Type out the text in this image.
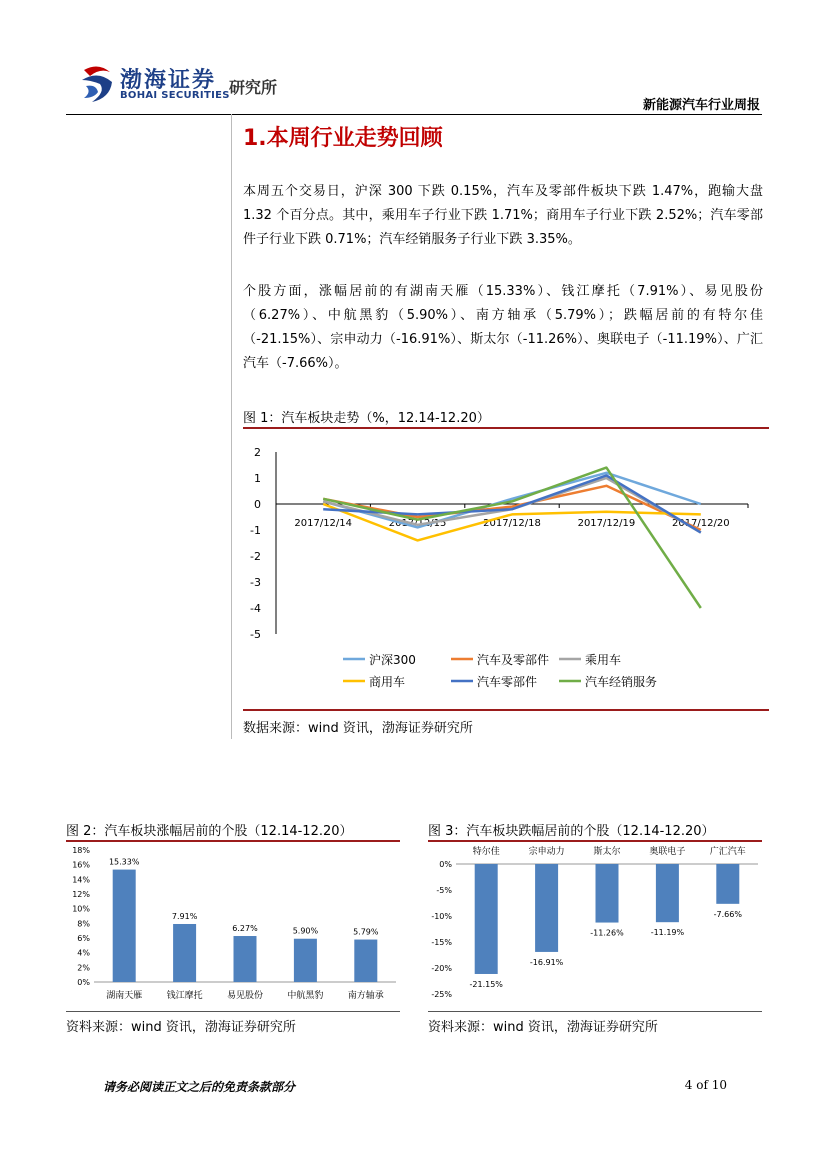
渤海证券
BOHAI SECURITIES 研究所
新能源汽车行业周报
1.本周行业走势回顾
本周五个交易日，沪深 300 下跌 0.15%，汽车及零部件板块下跌 1.47%，跑输大盘 1.32 个百分点。其中，乘用车子行业下跌 1.71%；商用车子行业下跌 2.52%；汽车零部件子行业下跌 0.71%；汽车经销服务子行业下跌 3.35%。
个股方面，涨幅居前的有湖南天雁（15.33%）、钱江摩托（7.91%）、易见股份（6.27%）、中航黑豹（5.90%）、南方轴承（5.79%）；跌幅居前的有特尔佳（-21.15%）、宗申动力（-16.91%）、斯太尔（-11.26%）、奥联电子（-11.19%）、广汇汽车（-7.66%）。
图 1：汽车板块走势（%，12.14-12.20）
2
1
0
-1
-2
-3
-4
-5
2017/12/14	2017/12/15	2017/12/18	2017/12/19	2017/12/20
沪深300	汽车及零部件	乘用车
商用车	汽车零部件	汽车经销服务
数据来源：wind 资讯，渤海证券研究所
图 2：汽车板块涨幅居前的个股（12.14-12.20）
18%
16%
14%
12%
10%
8%
6%
4%
2%
0%
15.33%
湖南天雁
7.91%
钱江摩托
6.27%
易见股份
5.90%
中航黑豹
5.79%
南方轴承
资料来源：wind 资讯，渤海证券研究所
图 3：汽车板块跌幅居前的个股（12.14-12.20）
0%
-5%
-10%
-15%
-20%
-25%
-21.15%
特尔佳
-16.91%
宗申动力
-11.26%
斯太尔
-11.19%
奥联电子
-7.66%
广汇汽车
资料来源：wind 资讯，渤海证券研究所
请务必阅读正文之后的免责条款部分	4 of 10
